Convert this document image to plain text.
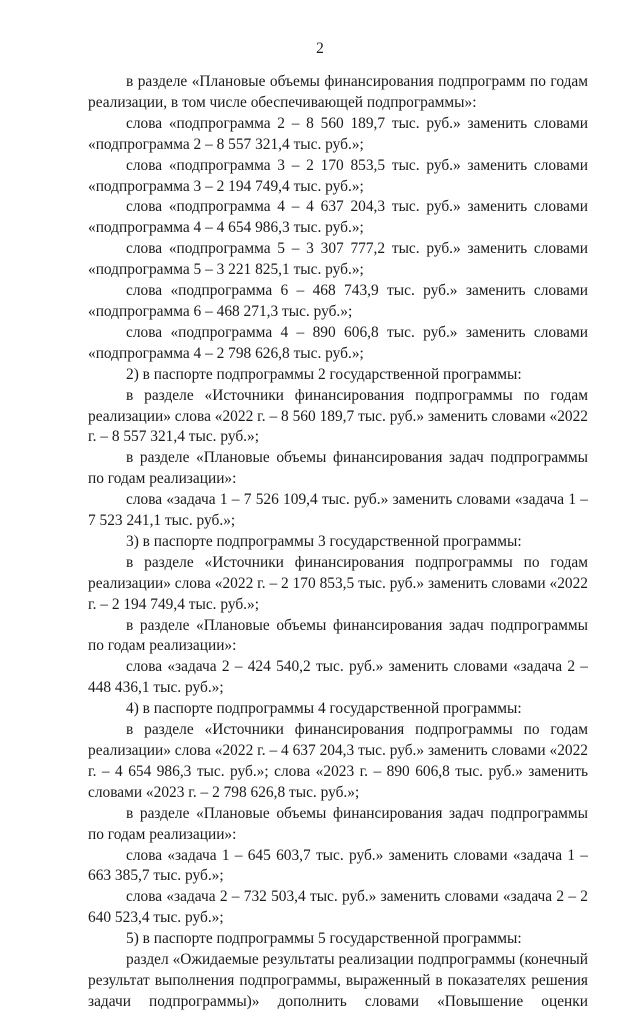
2

в разделе «Плановые объемы финансирования подпрограмм по годам реализации, в том числе обеспечивающей подпрограммы»:

слова «подпрограмма 2 – 8 560 189,7 тыс. руб.» заменить словами «подпрограмма 2 – 8 557 321,4 тыс. руб.»;

слова «подпрограмма 3 – 2 170 853,5 тыс. руб.» заменить словами «подпрограмма 3 – 2 194 749,4 тыс. руб.»;

слова «подпрограмма 4 – 4 637 204,3 тыс. руб.» заменить словами «подпрограмма 4 – 4 654 986,3 тыс. руб.»;

слова «подпрограмма 5 – 3 307 777,2 тыс. руб.» заменить словами «подпрограмма 5 – 3 221 825,1 тыс. руб.»;

слова «подпрограмма 6 – 468 743,9 тыс. руб.» заменить словами «подпрограмма 6 – 468 271,3 тыс. руб.»;

слова «подпрограмма 4 – 890 606,8 тыс. руб.» заменить словами «подпрограмма 4 – 2 798 626,8 тыс. руб.»;

2) в паспорте подпрограммы 2 государственной программы:

в разделе «Источники финансирования подпрограммы по годам реализации» слова «2022 г. – 8 560 189,7 тыс. руб.» заменить словами «2022 г. – 8 557 321,4 тыс. руб.»;

в разделе «Плановые объемы финансирования задач подпрограммы по годам реализации»:

слова «задача 1 – 7 526 109,4 тыс. руб.» заменить словами «задача 1 – 7 523 241,1 тыс. руб.»;

3) в паспорте подпрограммы 3 государственной программы:

в разделе «Источники финансирования подпрограммы по годам реализации» слова «2022 г. – 2 170 853,5 тыс. руб.» заменить словами «2022 г. – 2 194 749,4 тыс. руб.»;

в разделе «Плановые объемы финансирования задач подпрограммы по годам реализации»:

слова «задача 2 – 424 540,2 тыс. руб.» заменить словами «задача 2 – 448 436,1 тыс. руб.»;

4) в паспорте подпрограммы 4 государственной программы:

в разделе «Источники финансирования подпрограммы по годам реализации» слова «2022 г. – 4 637 204,3 тыс. руб.» заменить словами «2022 г. – 4 654 986,3 тыс. руб.»; слова «2023 г. – 890 606,8 тыс. руб.» заменить словами «2023 г. – 2 798 626,8 тыс. руб.»;

в разделе «Плановые объемы финансирования задач подпрограммы по годам реализации»:

слова «задача 1 – 645 603,7 тыс. руб.» заменить словами «задача 1 – 663 385,7 тыс. руб.»;

слова «задача 2 – 732 503,4 тыс. руб.» заменить словами «задача 2 – 2 640 523,4 тыс. руб.»;

5) в паспорте подпрограммы 5 государственной программы:

раздел «Ожидаемые результаты реализации подпрограммы (конечный результат выполнения подпрограммы, выраженный в показателях решения задачи подпрограммы)» дополнить словами «Повышение оценки
